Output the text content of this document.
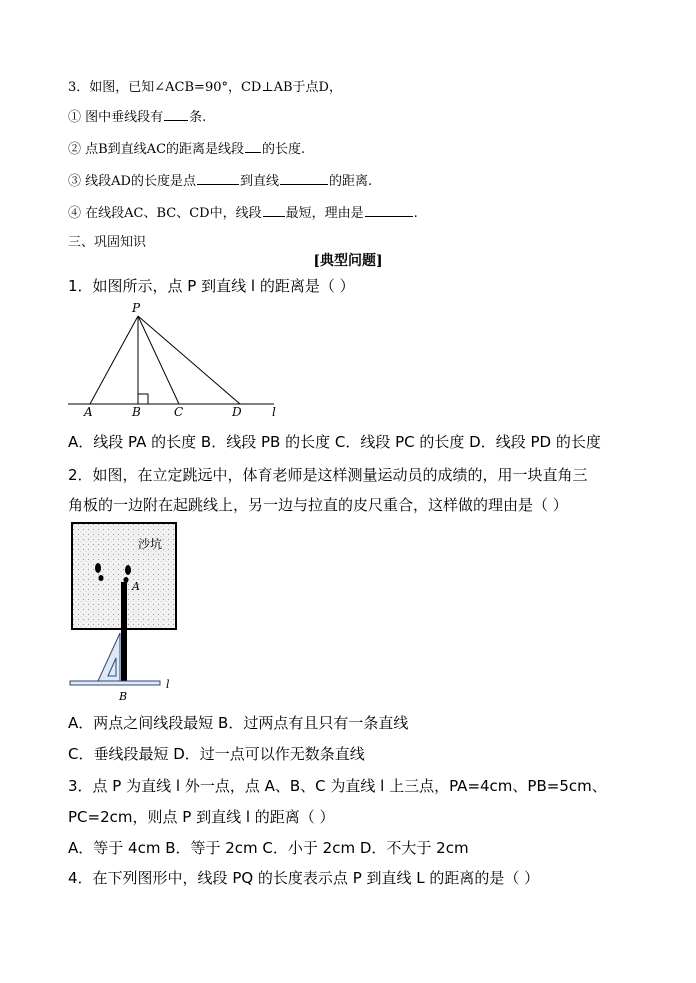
3．如图，已知∠ACB=90°，CD⊥AB于点D，
① 图中垂线段有 条.
② 点B到直线AC的距离是线段 的长度.
③ 线段AD的长度是点	到直线	的距离.
④ 在线段AC、BC、CD中，线段 最短，理由是	.
三、巩固知识
[典型问题]
1．如图所示，点 P 到直线 l 的距离是（ ）
P
A	B	C	D	l
A．线段 PA 的长度 B．线段 PB 的长度 C．线段 PC 的长度 D．线段 PD 的长度
2．如图，在立定跳远中，体育老师是这样测量运动员的成绩的，用一块直角三
角板的一边附在起跳线上，另一边与拉直的皮尺重合，这样做的理由是（ ）
沙坑
A
l
B
A．两点之间线段最短 B．过两点有且只有一条直线
C．垂线段最短 D．过一点可以作无数条直线
3．点 P 为直线 l 外一点，点 A、B、C 为直线 l 上三点，PA=4cm、PB=5cm、
PC=2cm，则点 P 到直线 l 的距离（ ）
A．等于 4cm B．等于 2cm C．小于 2cm D．不大于 2cm
4．在下列图形中，线段 PQ 的长度表示点 P 到直线 L 的距离的是（ ）
